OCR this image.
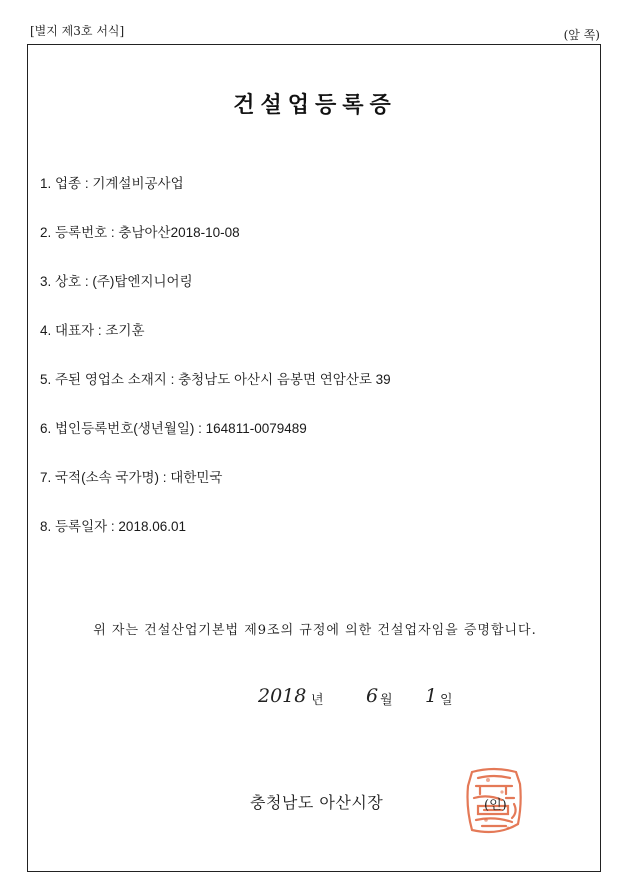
[별지 제3호 서식]	(앞 쪽)
건설업등록증
1. 업종 : 기계설비공사업
2. 등록번호 : 충남아산2018-10-08
3. 상호 : (주)탑엔지니어링
4. 대표자 : 조기훈
5. 주된 영업소 소재지 : 충청남도 아산시 음봉면 연암산로 39
6. 법인등록번호(생년월일) : 164811-0079489
7. 국적(소속 국가명) : 대한민국
8. 등록일자 : 2018.06.01
위 자는 건설산업기본법 제9조의 규정에 의한 건설업자임을 증명합니다.
2018 년 6 월 1 일
충청남도 아산시장	(인)
